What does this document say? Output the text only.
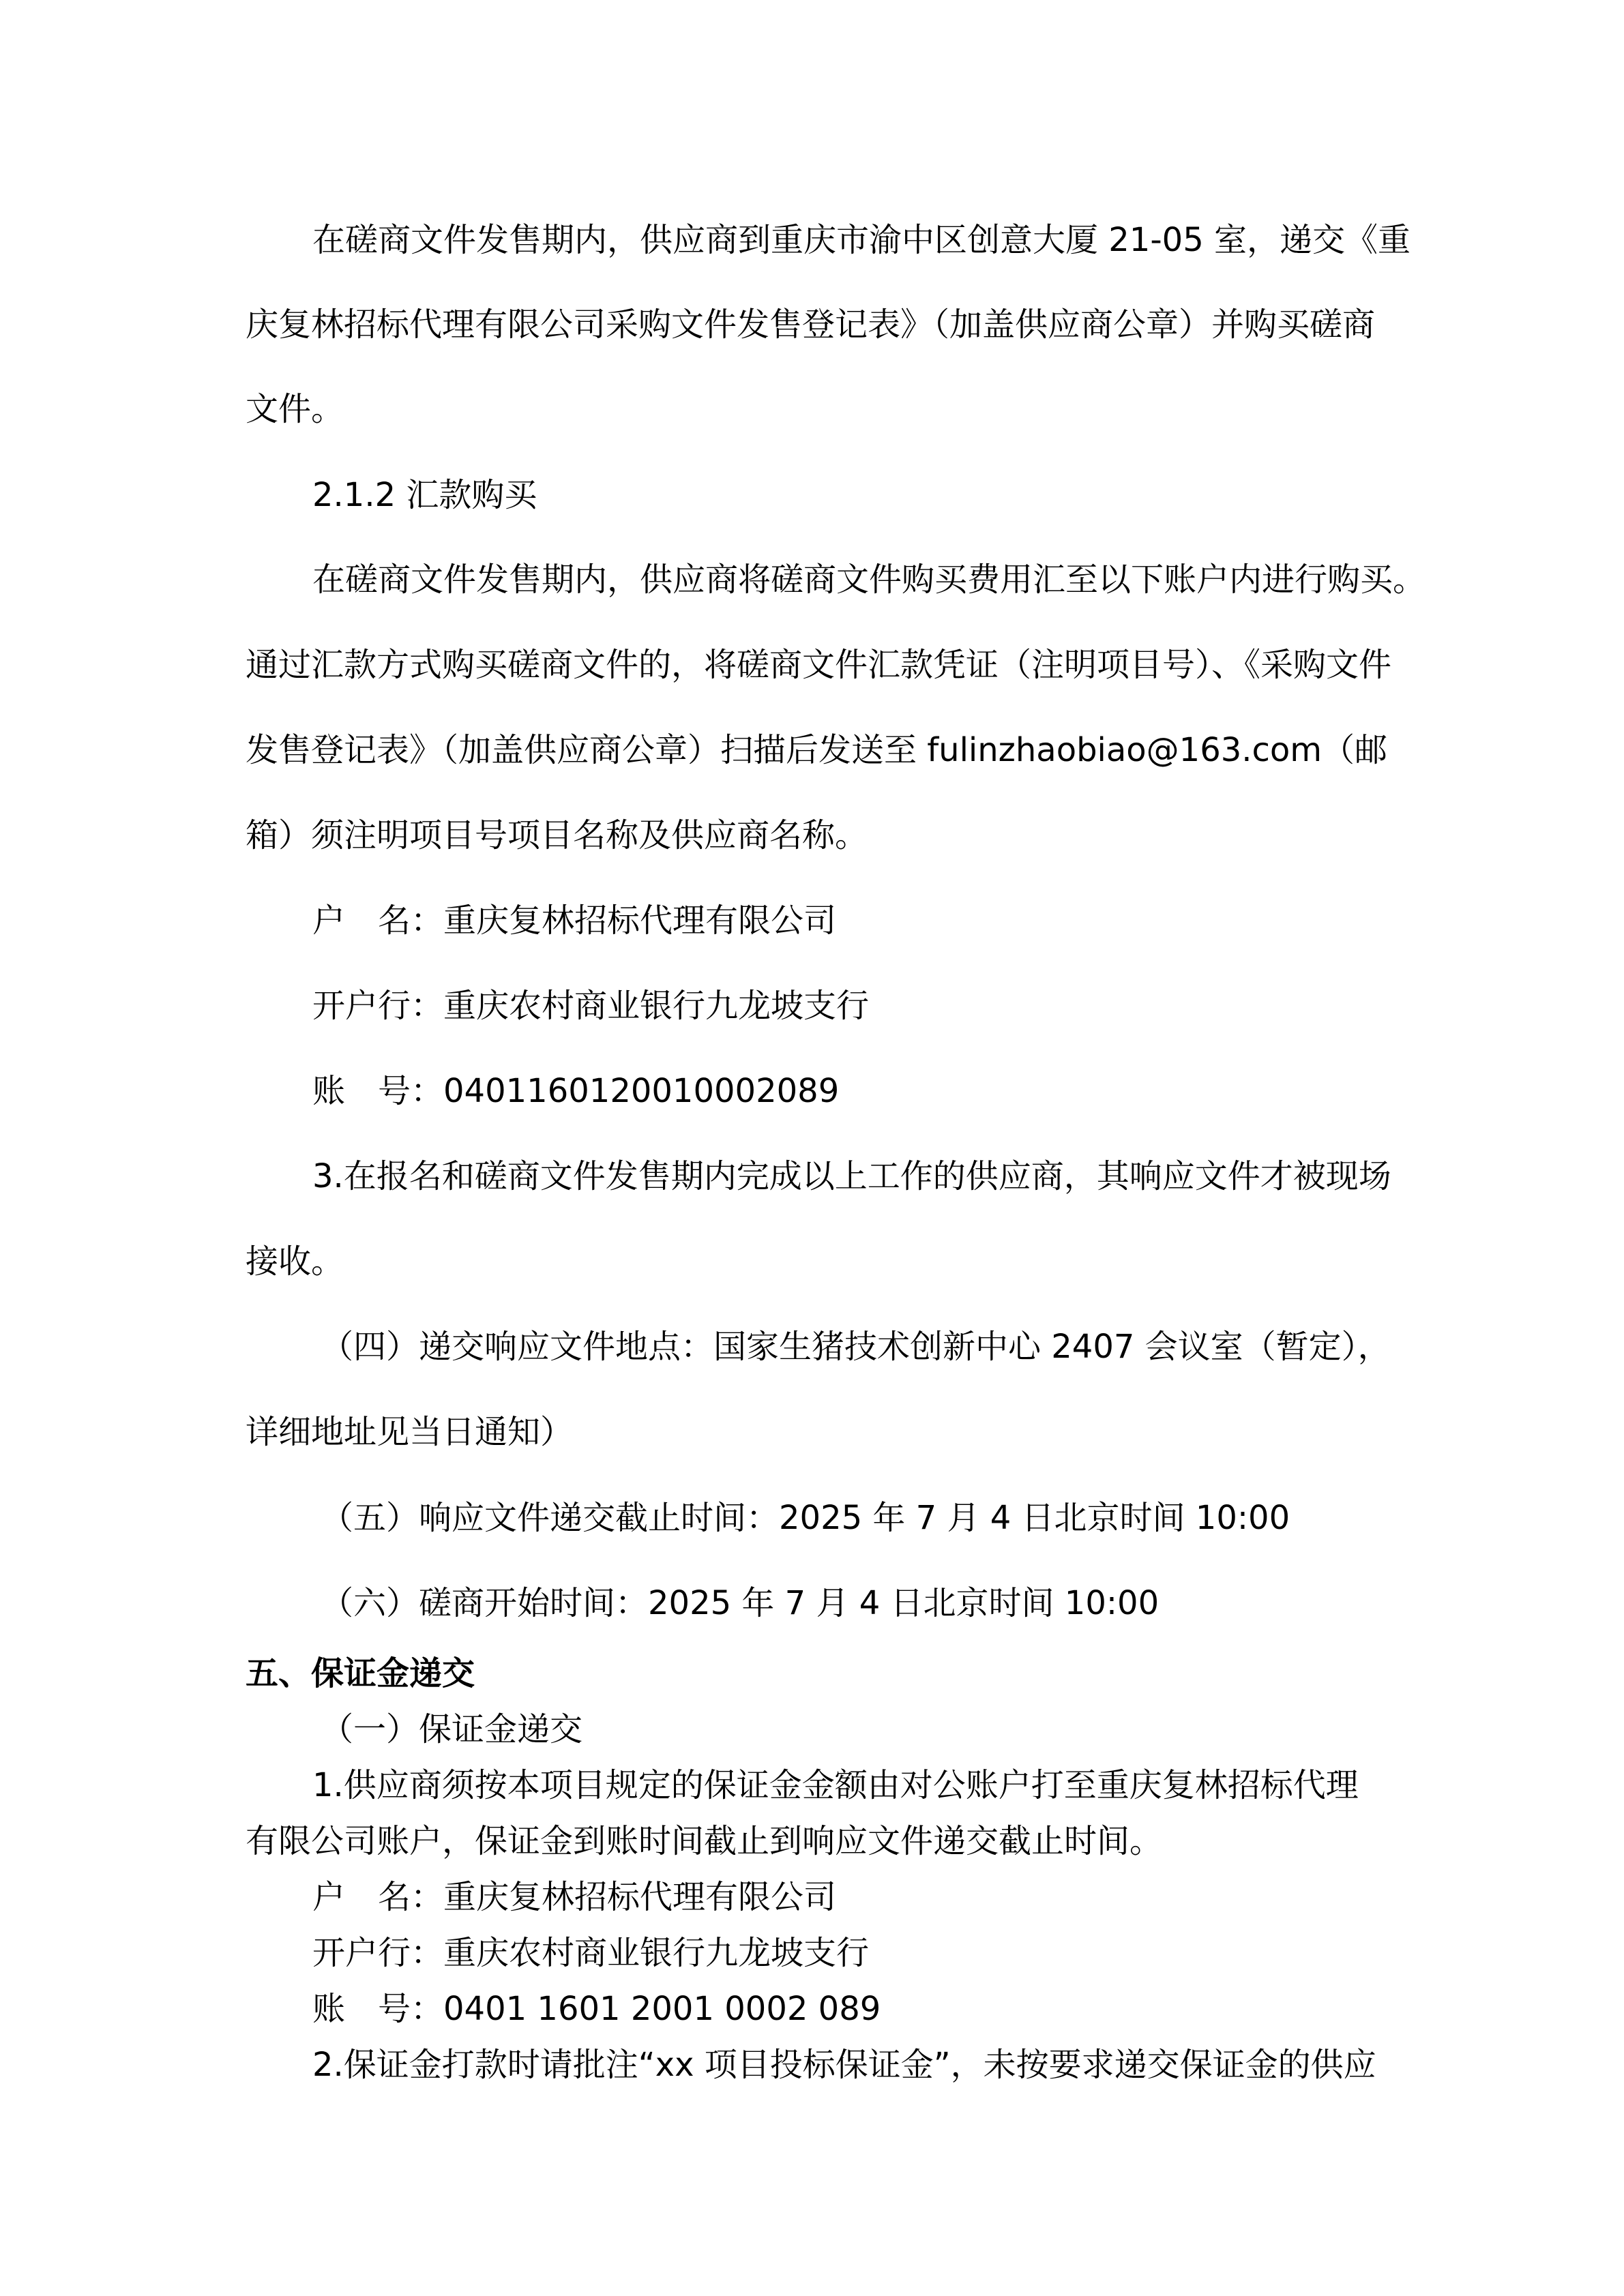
在磋商文件发售期内，供应商到重庆市渝中区创意大厦 21-05 室，递交《重
庆复林招标代理有限公司采购文件发售登记表》（加盖供应商公章）并购买磋商
文件。
2.1.2 汇款购买
在磋商文件发售期内，供应商将磋商文件购买费用汇至以下账户内进行购买。
通过汇款方式购买磋商文件的，将磋商文件汇款凭证（注明项目号）、《采购文件
发售登记表》（加盖供应商公章）扫描后发送至 fulinzhaobiao@163.com（邮
箱）须注明项目号项目名称及供应商名称。
户　名：重庆复林招标代理有限公司
开户行：重庆农村商业银行九龙坡支行
账　号：0401160120010002089
3.在报名和磋商文件发售期内完成以上工作的供应商，其响应文件才被现场
接收。
（四）递交响应文件地点：国家生猪技术创新中心 2407 会议室（暂定），
详细地址见当日通知）
（五）响应文件递交截止时间：2025 年 7 月 4 日北京时间 10:00
（六）磋商开始时间：2025 年 7 月 4 日北京时间 10:00
五、保证金递交
（一）保证金递交
1.供应商须按本项目规定的保证金金额由对公账户打至重庆复林招标代理
有限公司账户，保证金到账时间截止到响应文件递交截止时间。
户　名：重庆复林招标代理有限公司
开户行：重庆农村商业银行九龙坡支行
账　号：0401 1601 2001 0002 089
2.保证金打款时请批注“xx 项目投标保证金”，未按要求递交保证金的供应
